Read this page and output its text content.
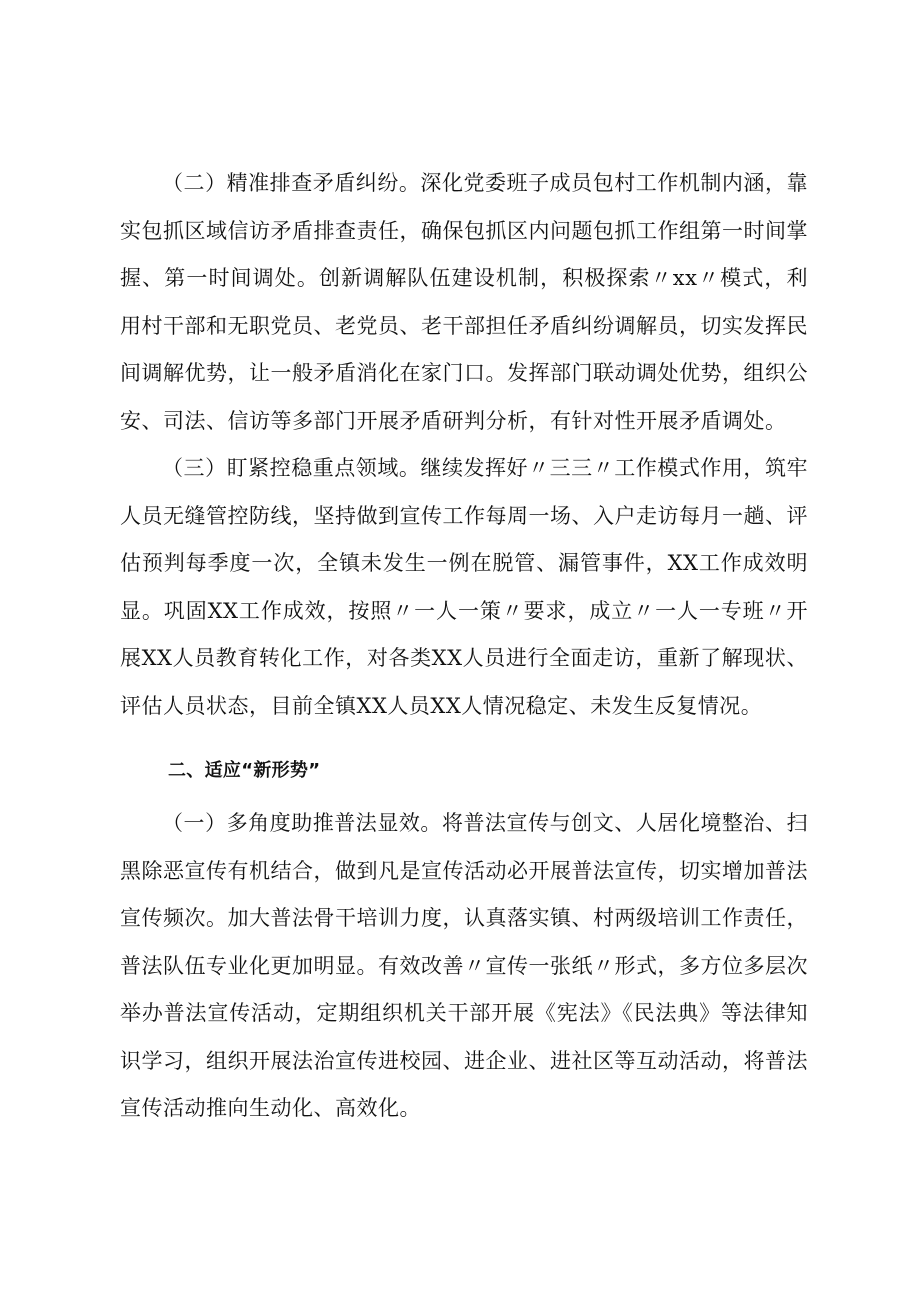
（二）精准排查矛盾纠纷。深化党委班子成员包村工作机制内涵，靠实包抓区域信访矛盾排查责任，确保包抓区内问题包抓工作组第一时间掌握、第一时间调处。创新调解队伍建设机制，积极探索〃xx〃模式，利用村干部和无职党员、老党员、老干部担任矛盾纠纷调解员，切实发挥民间调解优势，让一般矛盾消化在家门口。发挥部门联动调处优势，组织公安、司法、信访等多部门开展矛盾研判分析，有针对性开展矛盾调处。

（三）盯紧控稳重点领域。继续发挥好〃三三〃工作模式作用，筑牢人员无缝管控防线，坚持做到宣传工作每周一场、入户走访每月一趟、评估预判每季度一次，全镇未发生一例在脱管、漏管事件，XX工作成效明显。巩固XX工作成效，按照〃一人一策〃要求，成立〃一人一专班〃开展XX人员教育转化工作，对各类XX人员进行全面走访，重新了解现状、评估人员状态，目前全镇XX人员XX人情况稳定、未发生反复情况。

二、适应“新形势”

（一）多角度助推普法显效。将普法宣传与创文、人居化境整治、扫黑除恶宣传有机结合，做到凡是宣传活动必开展普法宣传，切实增加普法宣传频次。加大普法骨干培训力度，认真落实镇、村两级培训工作责任，普法队伍专业化更加明显。有效改善〃宣传一张纸〃形式，多方位多层次举办普法宣传活动，定期组织机关干部开展《宪法》《民法典》等法律知识学习，组织开展法治宣传进校园、进企业、进社区等互动活动，将普法宣传活动推向生动化、高效化。
